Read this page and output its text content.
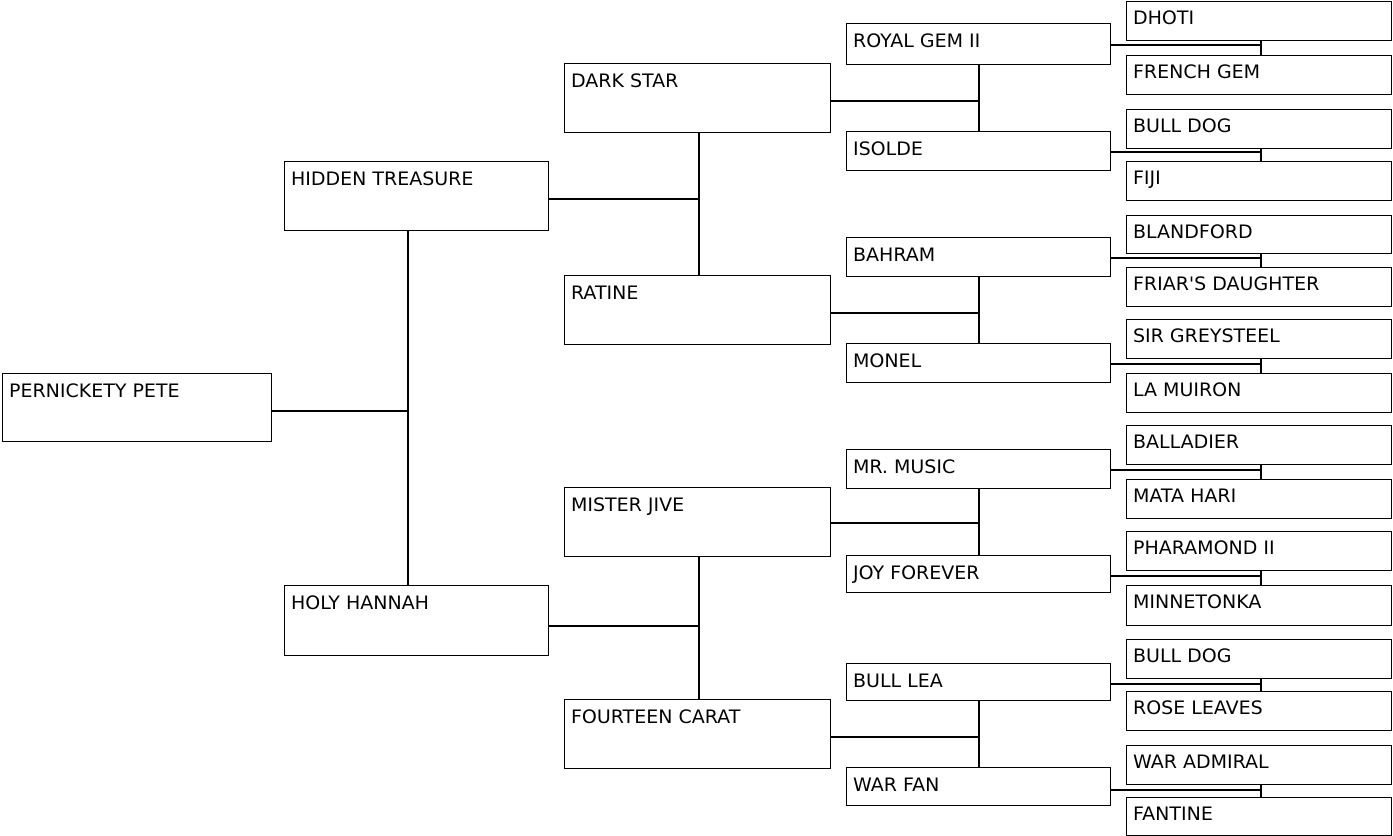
PERNICKETY PETE
HIDDEN TREASURE
HOLY HANNAH
DARK STAR
RATINE
MISTER JIVE
FOURTEEN CARAT
ROYAL GEM II
ISOLDE
BAHRAM
MONEL
MR. MUSIC
JOY FOREVER
BULL LEA
WAR FAN
DHOTI
FRENCH GEM
BULL DOG
FIJI
BLANDFORD
FRIAR'S DAUGHTER
SIR GREYSTEEL
LA MUIRON
BALLADIER
MATA HARI
PHARAMOND II
MINNETONKA
BULL DOG
ROSE LEAVES
WAR ADMIRAL
FANTINE
